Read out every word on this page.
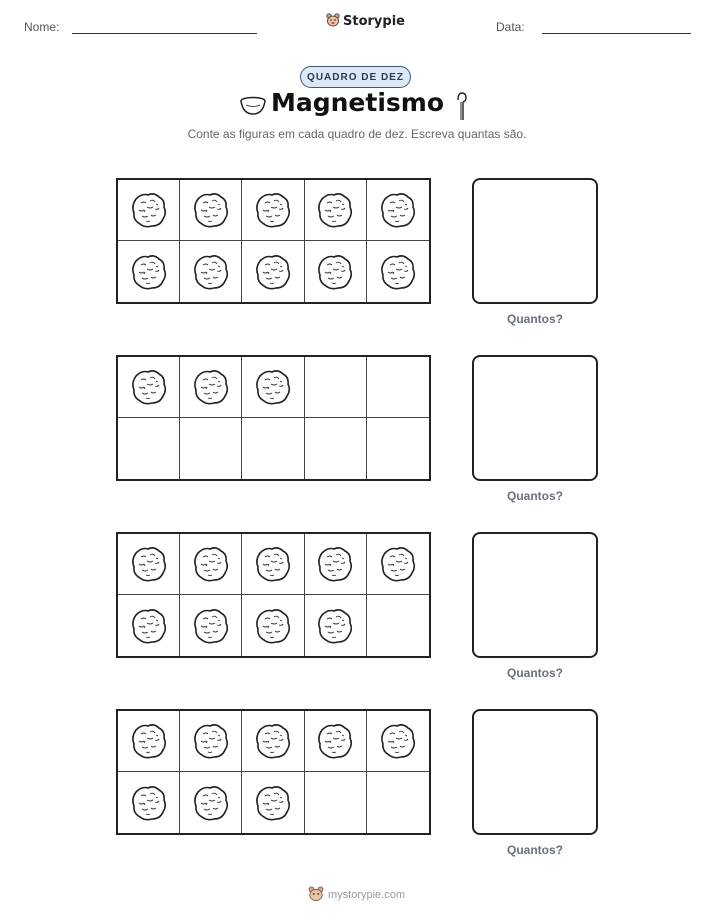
Nome:	Storypie	Data:
QUADRO DE DEZ
Magnetismo
Conte as figuras em cada quadro de dez. Escreva quantas são.
Quantos?
Quantos?
Quantos?
Quantos?
mystorypie.com
